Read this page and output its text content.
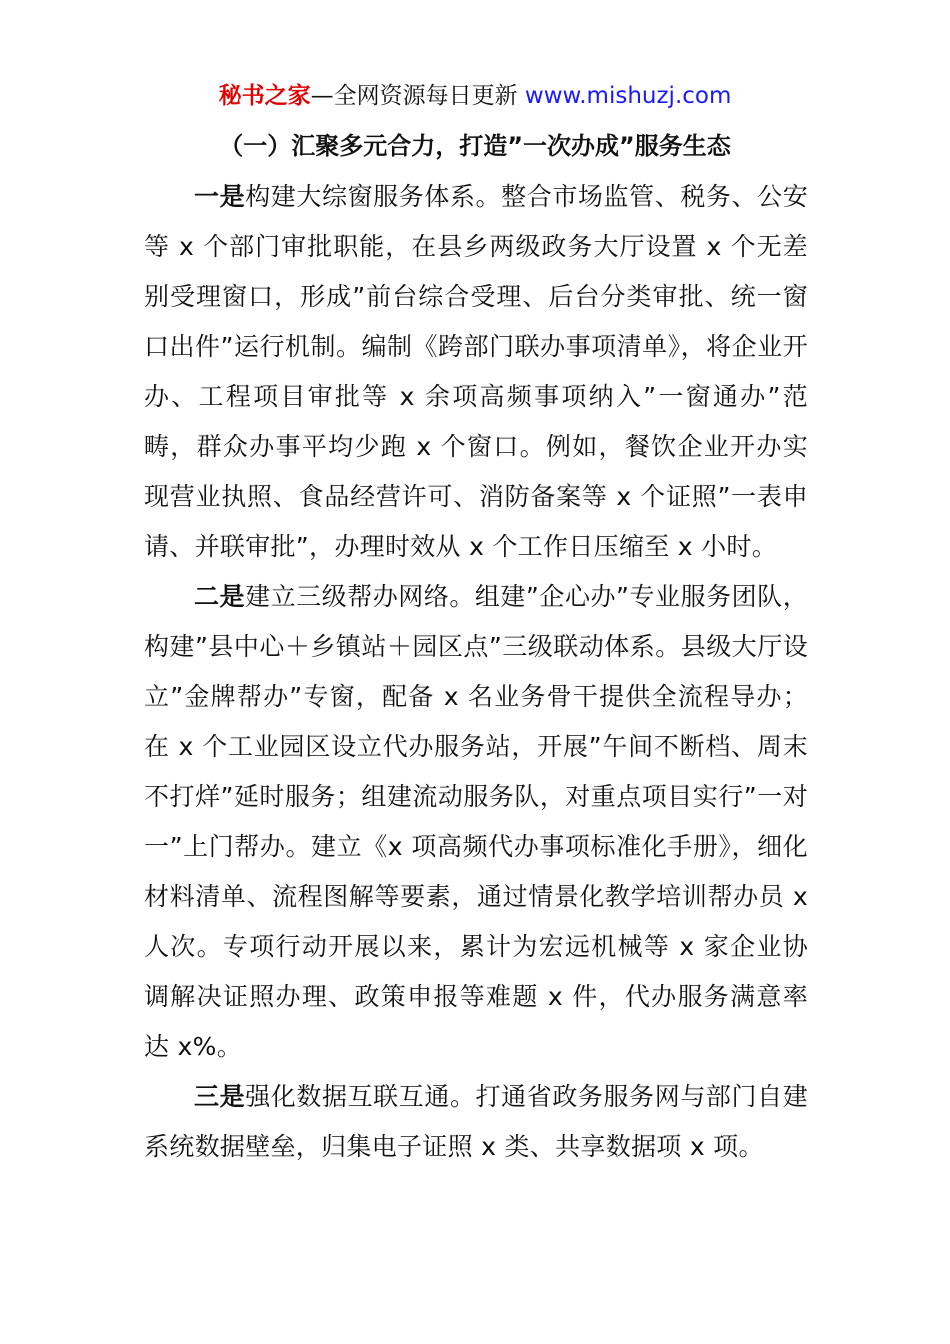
秘书之家—全网资源每日更新 www.mishuzj.com
（一）汇聚多元合力，打造”一次办成”服务生态

一是构建大综窗服务体系。整合市场监管、税务、公安等 x 个部门审批职能，在县乡两级政务大厅设置 x 个无差别受理窗口，形成”前台综合受理、后台分类审批、统一窗口出件”运行机制。编制《跨部门联办事项清单》，将企业开办、工程项目审批等 x 余项高频事项纳入”一窗通办”范畴，群众办事平均少跑 x 个窗口。例如，餐饮企业开办实现营业执照、食品经营许可、消防备案等 x 个证照”一表申请、并联审批”，办理时效从 x 个工作日压缩至 x 小时。

二是建立三级帮办网络。组建”企心办”专业服务团队，构建”县中心＋乡镇站＋园区点”三级联动体系。县级大厅设立”金牌帮办”专窗，配备 x 名业务骨干提供全流程导办；在 x 个工业园区设立代办服务站，开展”午间不断档、周末不打烊”延时服务；组建流动服务队，对重点项目实行”一对一”上门帮办。建立《x 项高频代办事项标准化手册》，细化材料清单、流程图解等要素，通过情景化教学培训帮办员 x 人次。专项行动开展以来，累计为宏远机械等 x 家企业协调解决证照办理、政策申报等难题 x 件，代办服务满意率达 x%。

三是强化数据互联互通。打通省政务服务网与部门自建系统数据壁垒，归集电子证照 x 类、共享数据项 x 项。
